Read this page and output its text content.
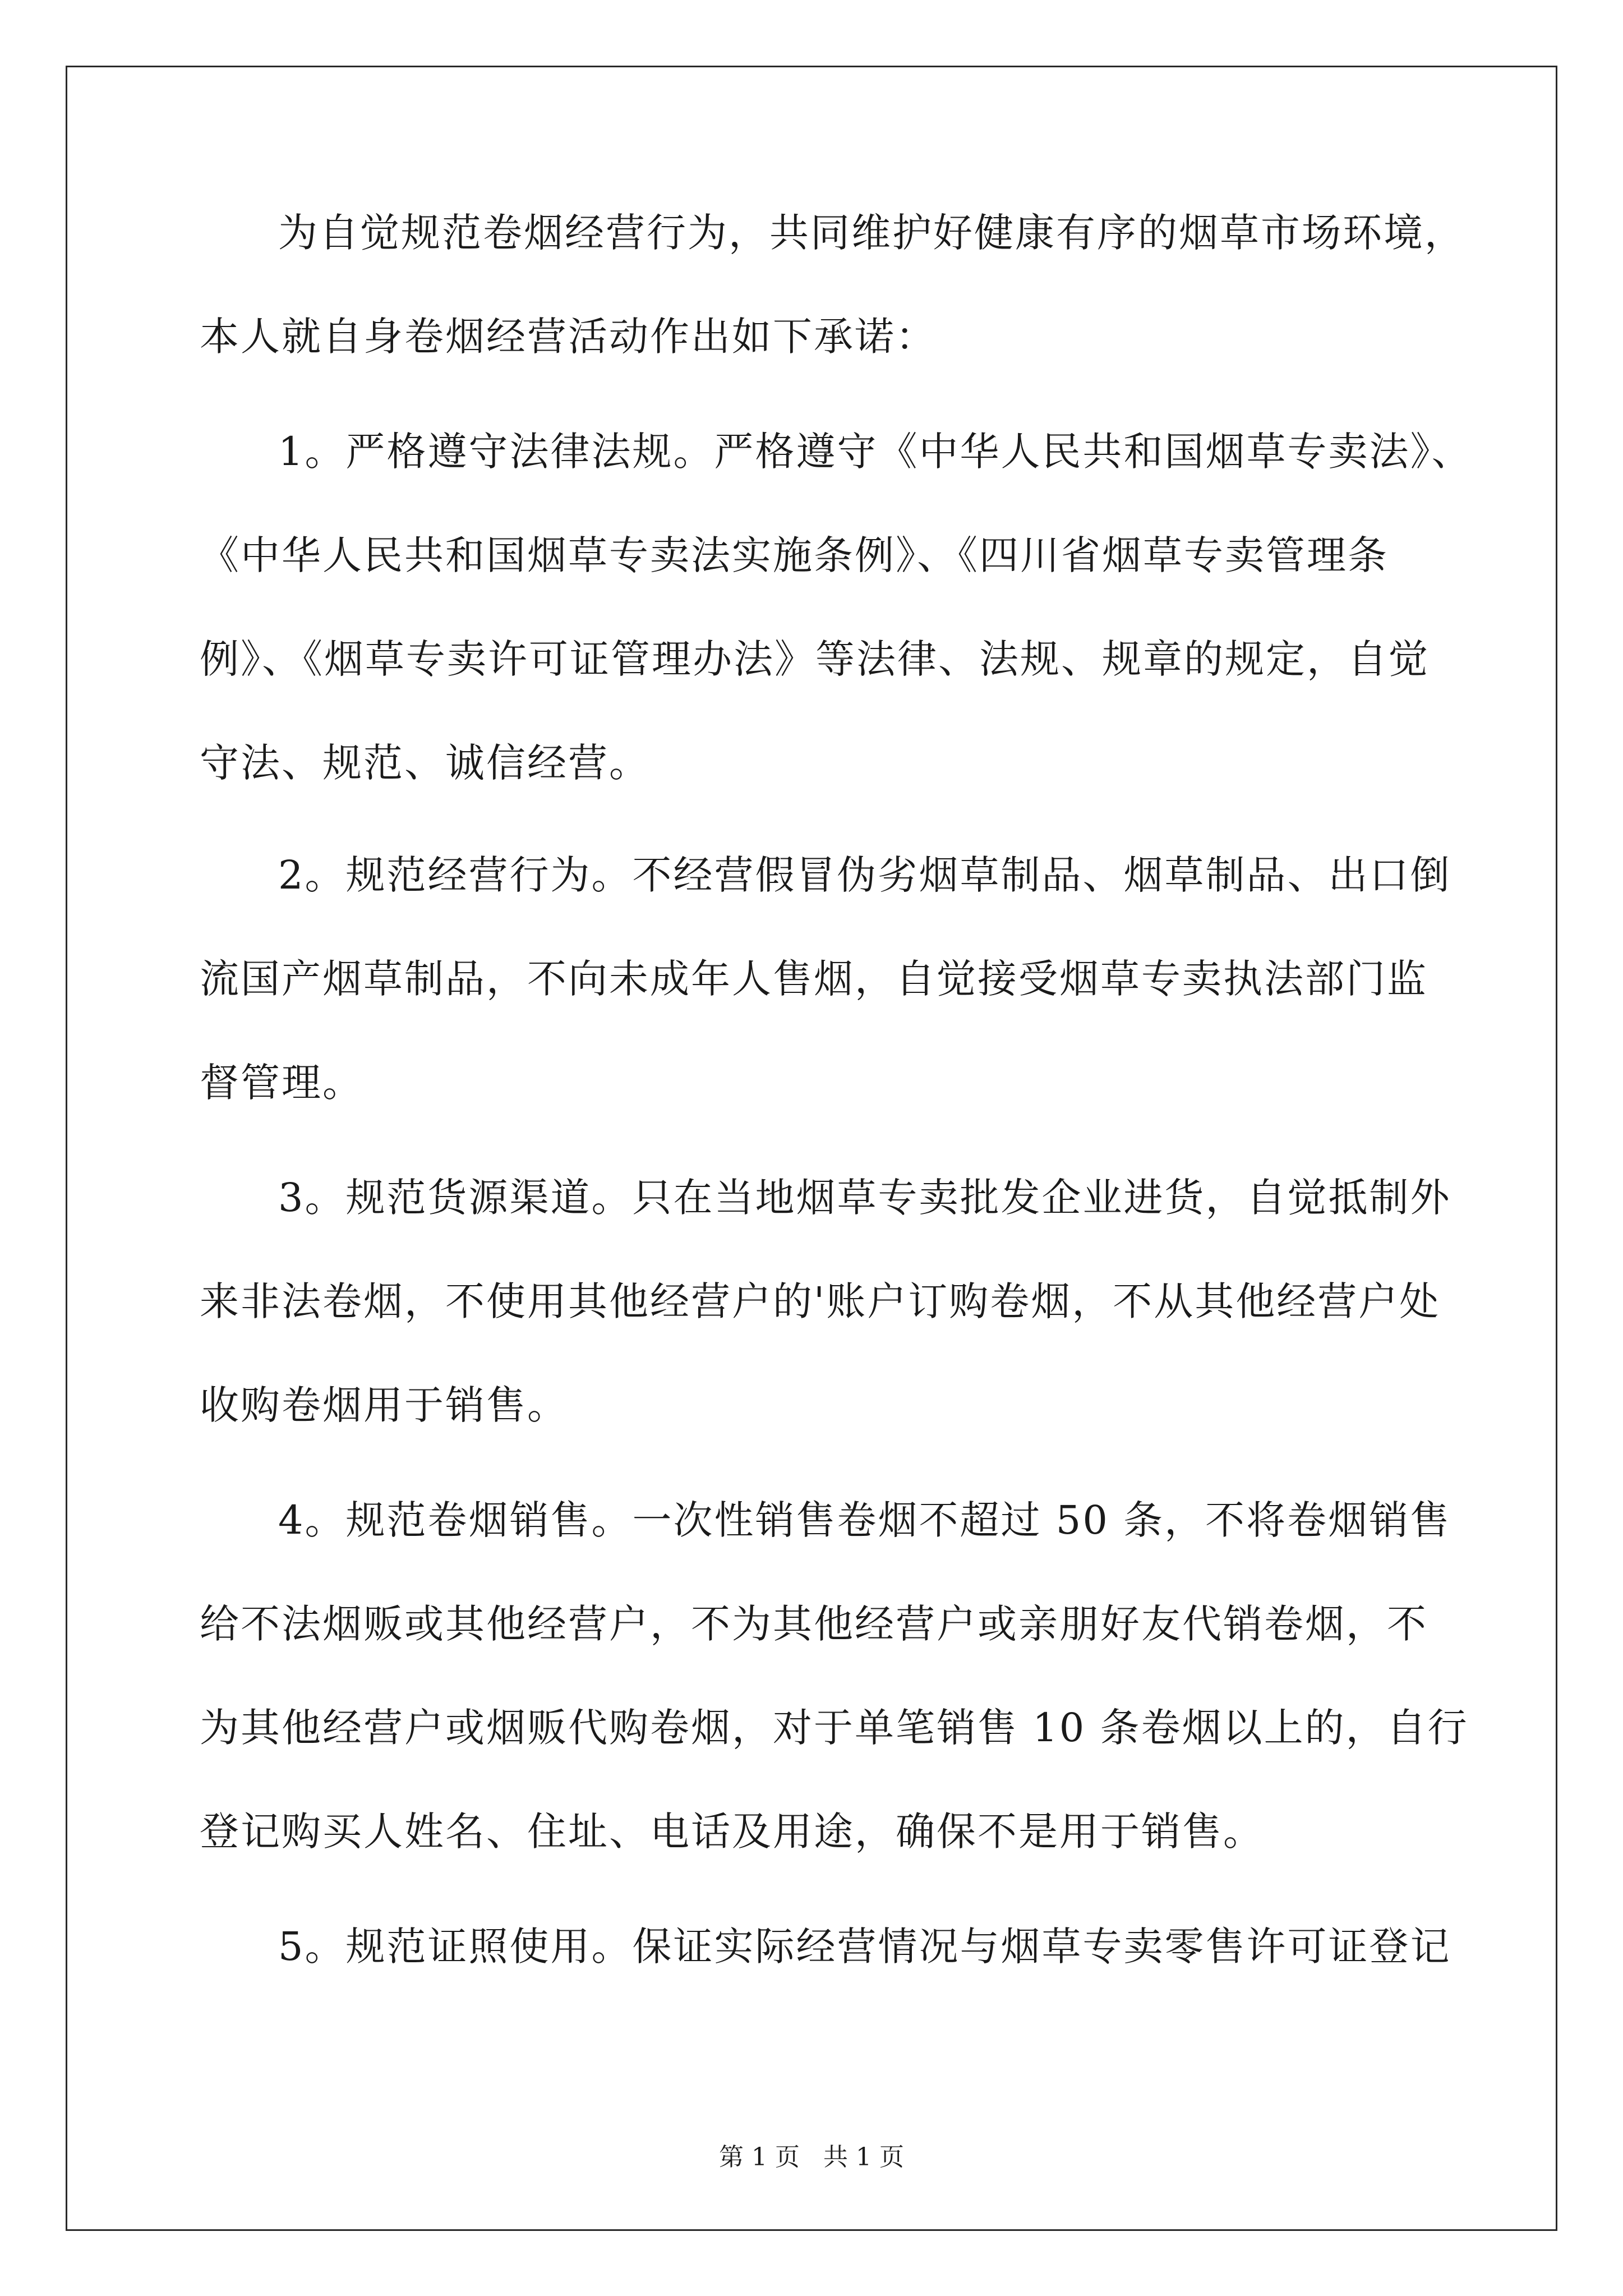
为自觉规范卷烟经营行为，共同维护好健康有序的烟草市场环境，
本人就自身卷烟经营活动作出如下承诺：
1。严格遵守法律法规。严格遵守《中华人民共和国烟草专卖法》、
《中华人民共和国烟草专卖法实施条例》、《四川省烟草专卖管理条
例》、《烟草专卖许可证管理办法》等法律、法规、规章的规定，自觉
守法、规范、诚信经营。
2。规范经营行为。不经营假冒伪劣烟草制品、烟草制品、出口倒
流国产烟草制品，不向未成年人售烟，自觉接受烟草专卖执法部门监
督管理。
3。规范货源渠道。只在当地烟草专卖批发企业进货，自觉抵制外
来非法卷烟，不使用其他经营户的'账户订购卷烟，不从其他经营户处
收购卷烟用于销售。
4。规范卷烟销售。一次性销售卷烟不超过 50 条，不将卷烟销售
给不法烟贩或其他经营户，不为其他经营户或亲朋好友代销卷烟，不
为其他经营户或烟贩代购卷烟，对于单笔销售 10 条卷烟以上的，自行
登记购买人姓名、住址、电话及用途，确保不是用于销售。
5。规范证照使用。保证实际经营情况与烟草专卖零售许可证登记
第 1 页   共 1 页
